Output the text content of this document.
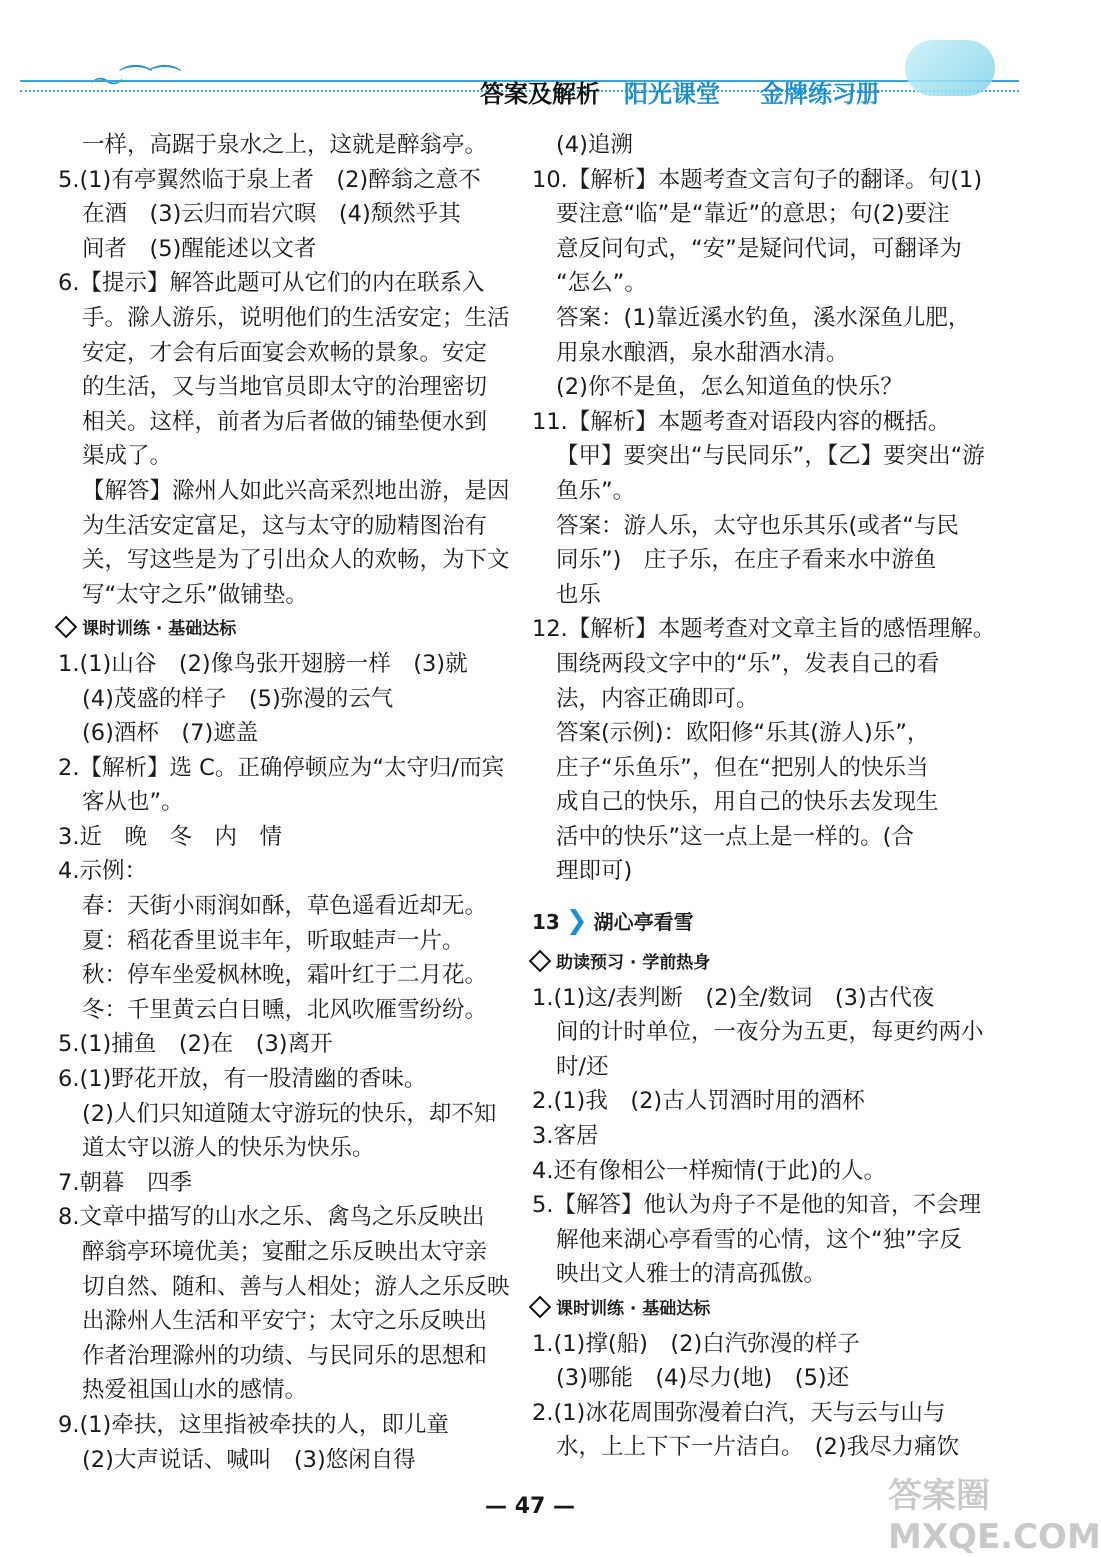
〜 ⌒ ⌒	答案及解析 阳光课堂 金牌练习册
一样，高踞于泉水之上，这就是醉翁亭。
5.(1)有亭翼然临于泉上者　(2)醉翁之意不
在酒　(3)云归而岩穴暝　(4)颓然乎其
间者　(5)醒能述以文者
6.【提示】解答此题可从它们的内在联系入
手。滁人游乐，说明他们的生活安定；生活
安定，才会有后面宴会欢畅的景象。安定
的生活，又与当地官员即太守的治理密切
相关。这样，前者为后者做的铺垫便水到
渠成了。
【解答】滁州人如此兴高采烈地出游，是因
为生活安定富足，这与太守的励精图治有
关，写这些是为了引出众人的欢畅，为下文
写“太守之乐”做铺垫。
课时训练 · 基础达标
1.(1)山谷　(2)像鸟张开翅膀一样　(3)就
(4)茂盛的样子　(5)弥漫的云气
(6)酒杯　(7)遮盖
2.【解析】选 C。正确停顿应为“太守归/而宾
客从也”。
3.近　晚　冬　内　情
4.示例：
春：天街小雨润如酥，草色遥看近却无。
夏：稻花香里说丰年，听取蛙声一片。
秋：停车坐爱枫林晚，霜叶红于二月花。
冬：千里黄云白日曛，北风吹雁雪纷纷。
5.(1)捕鱼　(2)在　(3)离开
6.(1)野花开放，有一股清幽的香味。
(2)人们只知道随太守游玩的快乐，却不知
道太守以游人的快乐为快乐。
7.朝暮　四季
8.文章中描写的山水之乐、禽鸟之乐反映出
醉翁亭环境优美；宴酣之乐反映出太守亲
切自然、随和、善与人相处；游人之乐反映
出滁州人生活和平安宁；太守之乐反映出
作者治理滁州的功绩、与民同乐的思想和
热爱祖国山水的感情。
9.(1)牵扶，这里指被牵扶的人，即儿童
(2)大声说话、喊叫　(3)悠闲自得
(4)追溯
10.【解析】本题考查文言句子的翻译。句(1)
要注意“临”是“靠近”的意思；句(2)要注
意反问句式，“安”是疑问代词，可翻译为
“怎么”。
答案：(1)靠近溪水钓鱼，溪水深鱼儿肥，
用泉水酿酒，泉水甜酒水清。
(2)你不是鱼，怎么知道鱼的快乐？
11.【解析】本题考查对语段内容的概括。
【甲】要突出“与民同乐”，【乙】要突出“游
鱼乐”。
答案：游人乐，太守也乐其乐(或者“与民
同乐”)　庄子乐，在庄子看来水中游鱼
也乐
12.【解析】本题考查对文章主旨的感悟理解。
围绕两段文字中的“乐”，发表自己的看
法，内容正确即可。
答案(示例)：欧阳修“乐其(游人)乐”，
庄子“乐鱼乐”，但在“把别人的快乐当
成自己的快乐，用自己的快乐去发现生
活中的快乐”这一点上是一样的。(合
理即可)
13 ❯ 湖心亭看雪
助读预习 · 学前热身
1.(1)这/表判断　(2)全/数词　(3)古代夜
间的计时单位，一夜分为五更，每更约两小
时/还
2.(1)我　(2)古人罚酒时用的酒杯
3.客居
4.还有像相公一样痴情(于此)的人。
5.【解答】他认为舟子不是他的知音，不会理
解他来湖心亭看雪的心情，这个“独”字反
映出文人雅士的清高孤傲。
课时训练 · 基础达标
1.(1)撑(船)　(2)白汽弥漫的样子
(3)哪能　(4)尽力(地)　(5)还
2.(1)冰花周围弥漫着白汽，天与云与山与
水，上上下下一片洁白。　(2)我尽力痛饮
— 47 —	答案圈 MXQE.COM
